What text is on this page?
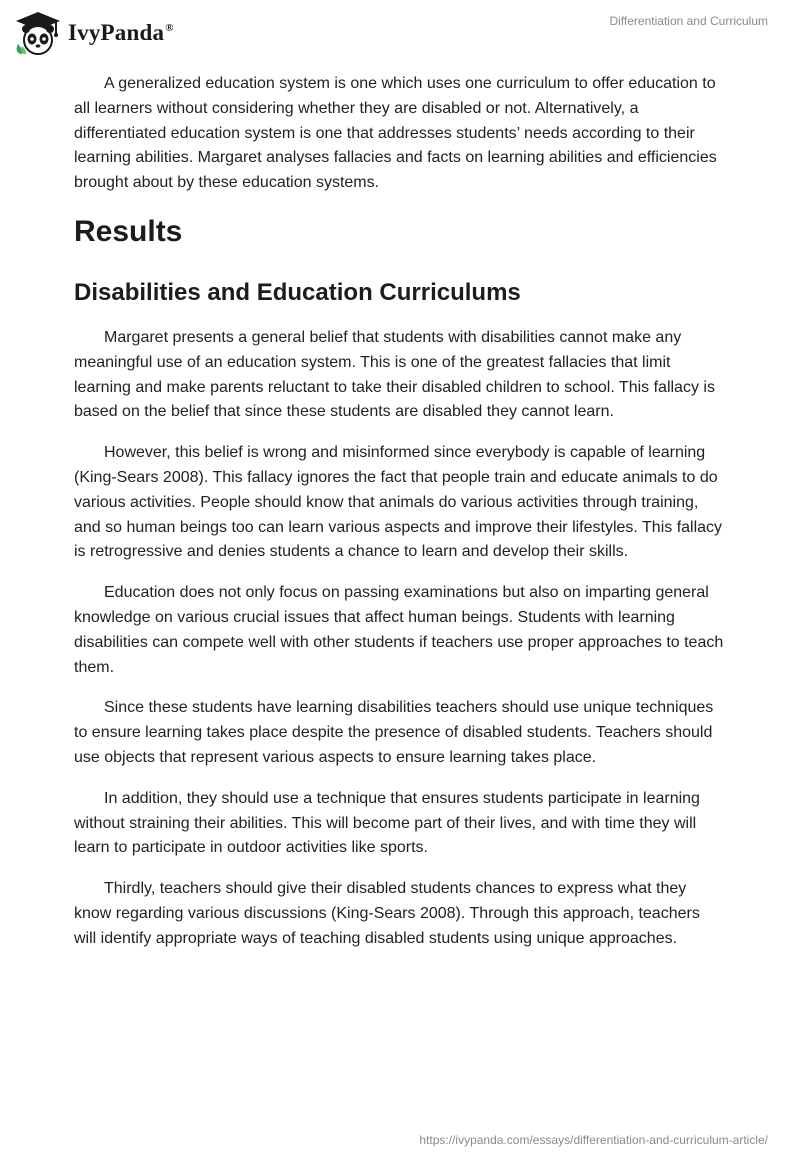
IvyPanda®
Differentiation and Curriculum

A generalized education system is one which uses one curriculum to offer education to all learners without considering whether they are disabled or not. Alternatively, a differentiated education system is one that addresses students’ needs according to their learning abilities. Margaret analyses fallacies and facts on learning abilities and efficiencies brought about by these education systems.

Results
Disabilities and Education Curriculums

Margaret presents a general belief that students with disabilities cannot make any meaningful use of an education system. This is one of the greatest fallacies that limit learning and make parents reluctant to take their disabled children to school. This fallacy is based on the belief that since these students are disabled they cannot learn.

However, this belief is wrong and misinformed since everybody is capable of learning (King-Sears 2008). This fallacy ignores the fact that people train and educate animals to do various activities. People should know that animals do various activities through training, and so human beings too can learn various aspects and improve their lifestyles. This fallacy is retrogressive and denies students a chance to learn and develop their skills.

Education does not only focus on passing examinations but also on imparting general knowledge on various crucial issues that affect human beings. Students with learning disabilities can compete well with other students if teachers use proper approaches to teach them.

Since these students have learning disabilities teachers should use unique techniques to ensure learning takes place despite the presence of disabled students. Teachers should use objects that represent various aspects to ensure learning takes place.

In addition, they should use a technique that ensures students participate in learning without straining their abilities. This will become part of their lives, and with time they will learn to participate in outdoor activities like sports.

Thirdly, teachers should give their disabled students chances to express what they know regarding various discussions (King-Sears 2008). Through this approach, teachers will identify appropriate ways of teaching disabled students using unique approaches.

https://ivypanda.com/essays/differentiation-and-curriculum-article/
